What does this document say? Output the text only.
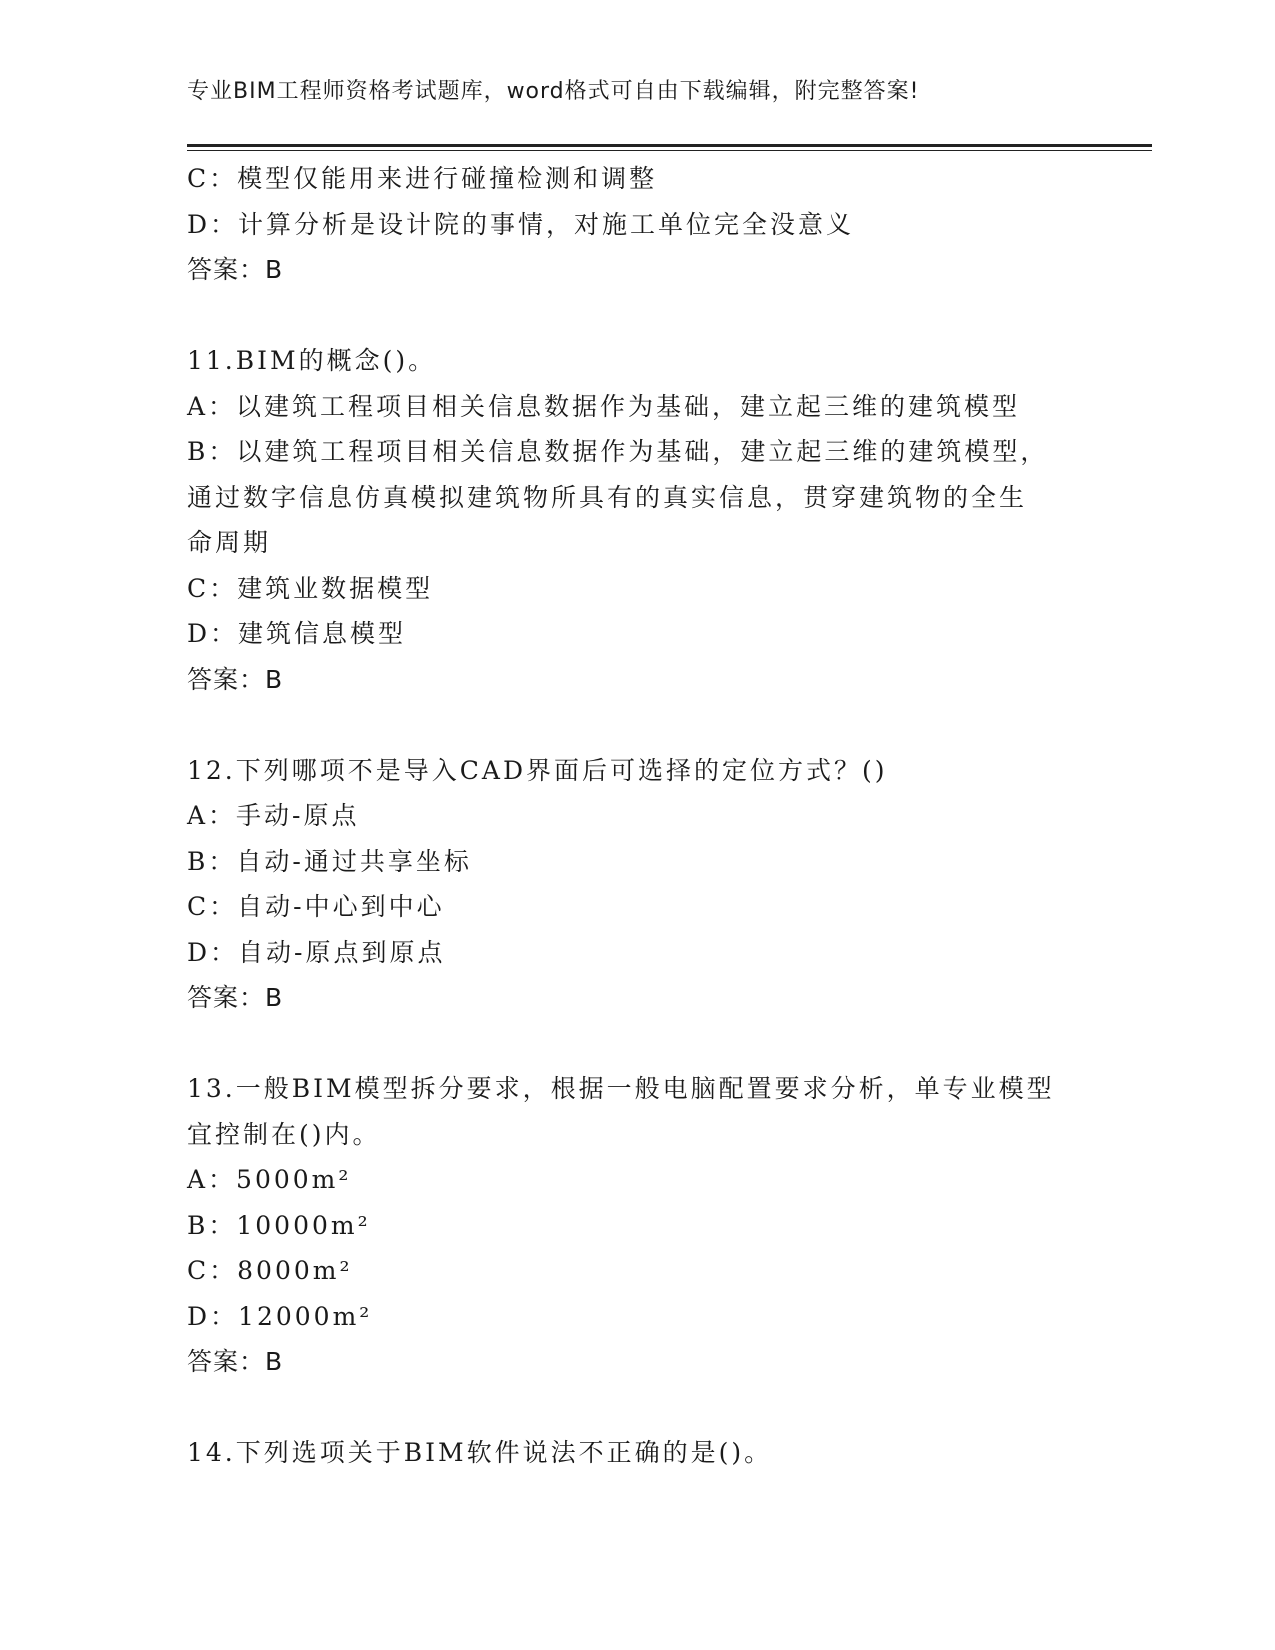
专业BIM工程师资格考试题库，word格式可自由下载编辑，附完整答案!
C：模型仅能用来进行碰撞检测和调整
D：计算分析是设计院的事情，对施工单位完全没意义
答案：B
11.BIM的概念()。
A：以建筑工程项目相关信息数据作为基础，建立起三维的建筑模型
B：以建筑工程项目相关信息数据作为基础，建立起三维的建筑模型，
通过数字信息仿真模拟建筑物所具有的真实信息，贯穿建筑物的全生
命周期
C：建筑业数据模型
D：建筑信息模型
答案：B
12.下列哪项不是导入CAD界面后可选择的定位方式？()
A：手动-原点
B：自动-通过共享坐标
C：自动-中心到中心
D：自动-原点到原点
答案：B
13.一般BIM模型拆分要求，根据一般电脑配置要求分析，单专业模型
宜控制在()内。
A：5000m²
B：10000m²
C：8000m²
D：12000m²
答案：B
14.下列选项关于BIM软件说法不正确的是()。
